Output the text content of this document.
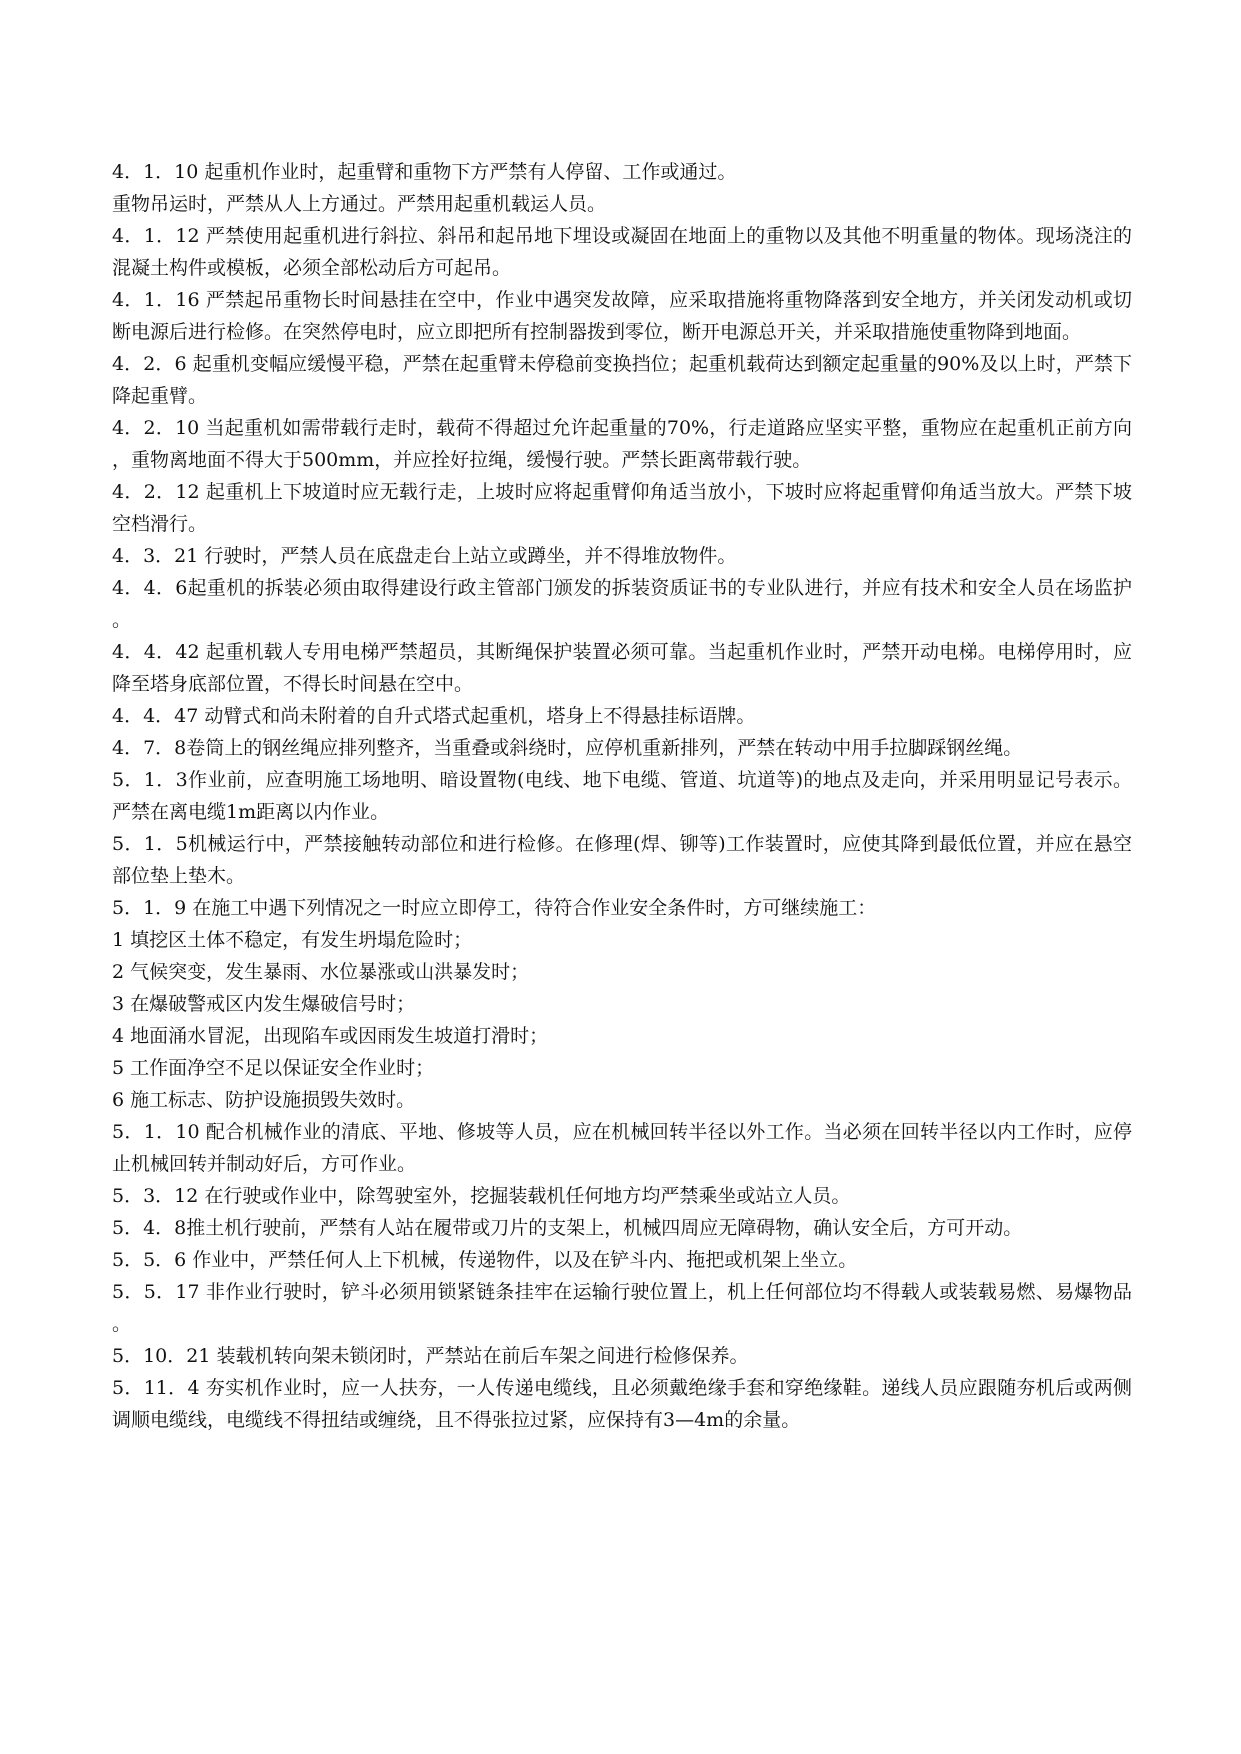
4．1．10 起重机作业时，起重臂和重物下方严禁有人停留、工作或通过。

重物吊运时，严禁从人上方通过。严禁用起重机载运人员。

4．1．12 严禁使用起重机进行斜拉、斜吊和起吊地下埋设或凝固在地面上的重物以及其他不明重量的物体。现场浇注的混凝土构件或模板，必须全部松动后方可起吊。

4．1．16 严禁起吊重物长时间悬挂在空中，作业中遇突发故障，应采取措施将重物降落到安全地方，并关闭发动机或切断电源后进行检修。在突然停电时，应立即把所有控制器拨到零位，断开电源总开关，并采取措施使重物降到地面。

4．2．6 起重机变幅应缓慢平稳，严禁在起重臂未停稳前变换挡位；起重机载荷达到额定起重量的90%及以上时，严禁下降起重臂。

4．2．10 当起重机如需带载行走时，载荷不得超过允许起重量的70%，行走道路应坚实平整，重物应在起重机正前方向，重物离地面不得大于500mm，并应拴好拉绳，缓慢行驶。严禁长距离带载行驶。

4．2．12 起重机上下坡道时应无载行走，上坡时应将起重臂仰角适当放小，下坡时应将起重臂仰角适当放大。严禁下坡空档滑行。

4．3．21 行驶时，严禁人员在底盘走台上站立或蹲坐，并不得堆放物件。

4．4．6起重机的拆装必须由取得建设行政主管部门颁发的拆装资质证书的专业队进行，并应有技术和安全人员在场监护。

4．4．42 起重机载人专用电梯严禁超员，其断绳保护装置必须可靠。当起重机作业时，严禁开动电梯。电梯停用时，应降至塔身底部位置，不得长时间悬在空中。

4．4．47 动臂式和尚未附着的自升式塔式起重机，塔身上不得悬挂标语牌。

4．7．8卷筒上的钢丝绳应排列整齐，当重叠或斜绕时，应停机重新排列，严禁在转动中用手拉脚踩钢丝绳。

5．1．3作业前，应查明施工场地明、暗设置物(电线、地下电缆、管道、坑道等)的地点及走向，并采用明显记号表示。严禁在离电缆1m距离以内作业。

5．1．5机械运行中，严禁接触转动部位和进行检修。在修理(焊、铆等)工作装置时，应使其降到最低位置，并应在悬空部位垫上垫木。

5．1．9 在施工中遇下列情况之一时应立即停工，待符合作业安全条件时，方可继续施工：

1 填挖区土体不稳定，有发生坍塌危险时；

2 气候突变，发生暴雨、水位暴涨或山洪暴发时；

3 在爆破警戒区内发生爆破信号时；

4 地面涌水冒泥，出现陷车或因雨发生坡道打滑时；

5 工作面净空不足以保证安全作业时；

6 施工标志、防护设施损毁失效时。

5．1．10 配合机械作业的清底、平地、修坡等人员，应在机械回转半径以外工作。当必须在回转半径以内工作时，应停止机械回转并制动好后，方可作业。

5．3．12 在行驶或作业中，除驾驶室外，挖掘装载机任何地方均严禁乘坐或站立人员。

5．4．8推土机行驶前，严禁有人站在履带或刀片的支架上，机械四周应无障碍物，确认安全后，方可开动。

5．5．6 作业中，严禁任何人上下机械，传递物件，以及在铲斗内、拖把或机架上坐立。

5．5．17 非作业行驶时，铲斗必须用锁紧链条挂牢在运输行驶位置上，机上任何部位均不得载人或装载易燃、易爆物品。

5．10．21 装载机转向架未锁闭时，严禁站在前后车架之间进行检修保养。

5．11．4 夯实机作业时，应一人扶夯，一人传递电缆线，且必须戴绝缘手套和穿绝缘鞋。递线人员应跟随夯机后或两侧调顺电缆线，电缆线不得扭结或缠绕，且不得张拉过紧，应保持有3—4m的余量。
